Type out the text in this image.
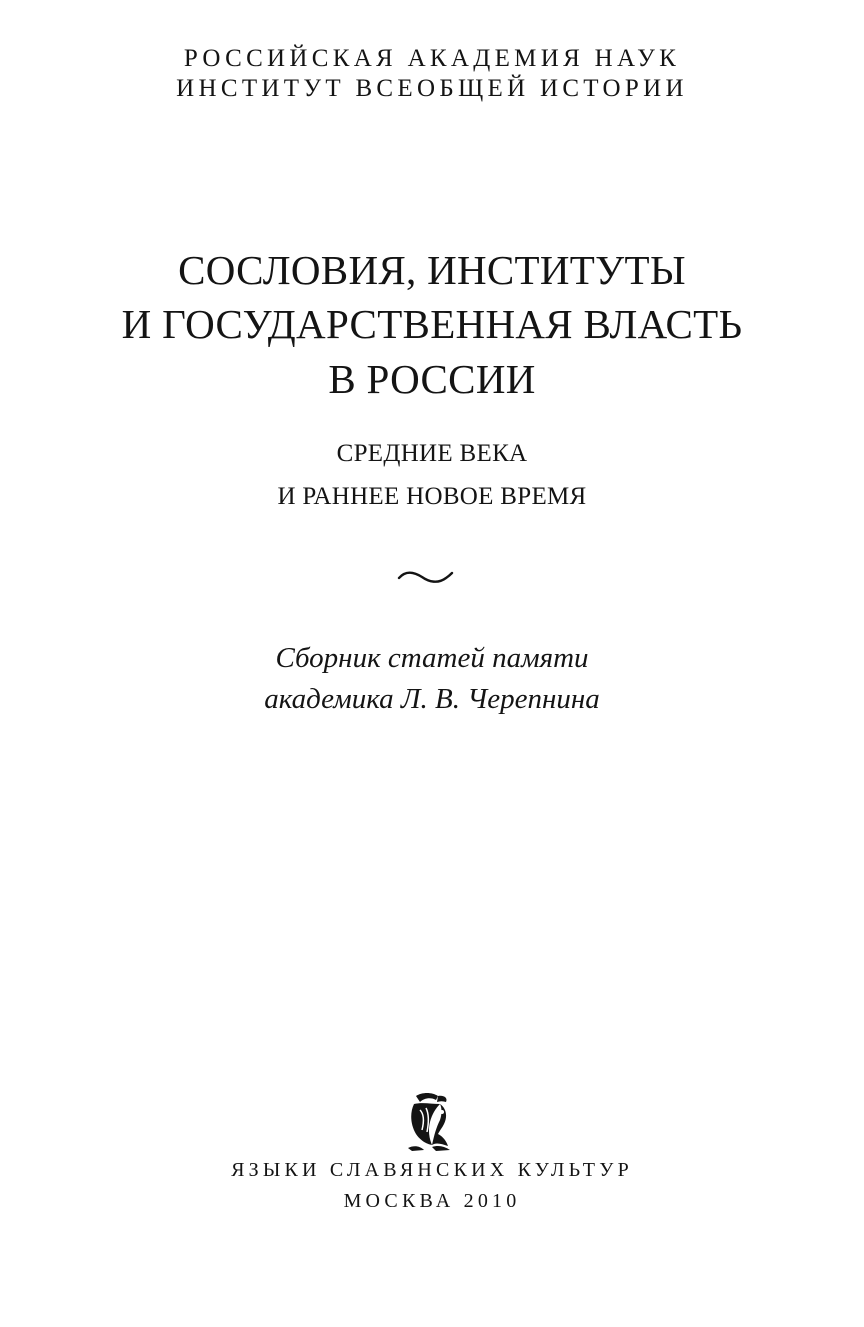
РОССИЙСКАЯ АКАДЕМИЯ НАУК
ИНСТИТУТ ВСЕОБЩЕЙ ИСТОРИИ
СОСЛОВИЯ, ИНСТИТУТЫ
И ГОСУДАРСТВЕННАЯ ВЛАСТЬ
В РОССИИ
СРЕДНИЕ ВЕКА
И РАННЕЕ НОВОЕ ВРЕМЯ
Сборник статей памяти
академика Л. В. Черепнина
ЯЗЫКИ СЛАВЯНСКИХ КУЛЬТУР
МОСКВА 2010
